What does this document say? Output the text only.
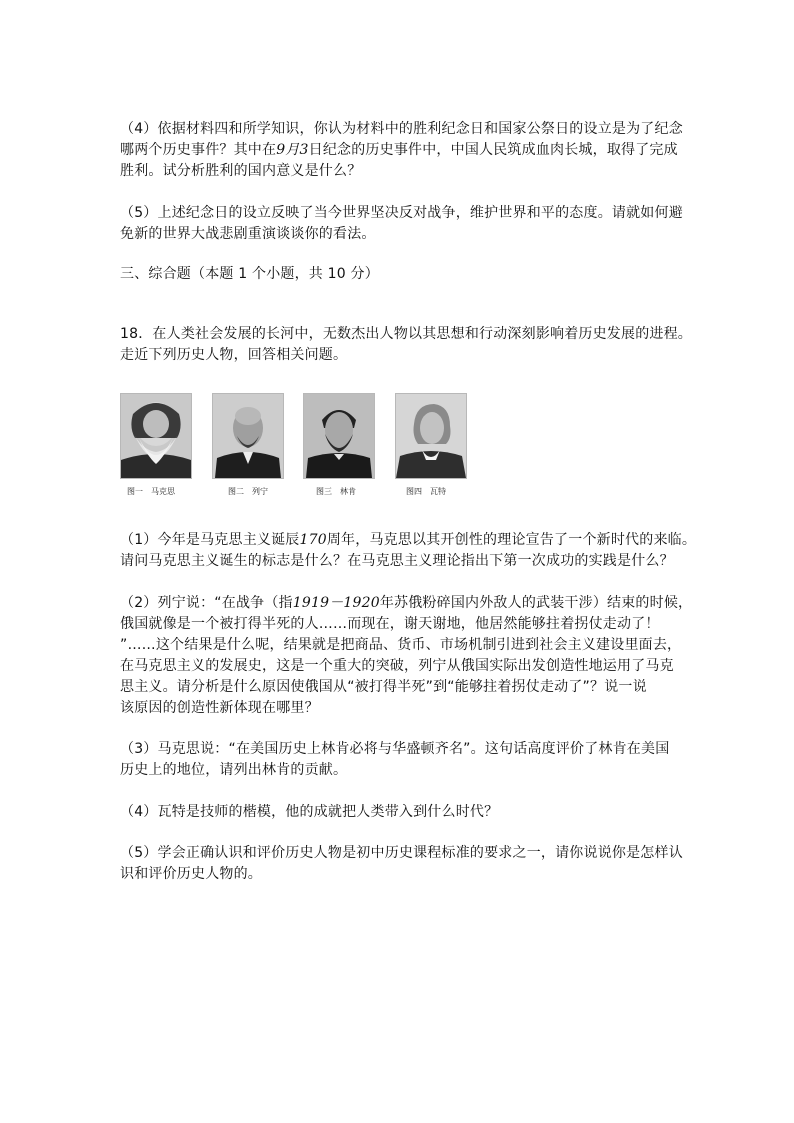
（4）依据材料四和所学知识，你认为材料中的胜利纪念日和国家公祭日的设立是为了纪念
哪两个历史事件？其中在9月3日纪念的历史事件中，中国人民筑成血肉长城，取得了完成
胜利。试分析胜利的国内意义是什么？
（5）上述纪念日的设立反映了当今世界坚决反对战争，维护世界和平的态度。请就如何避
免新的世界大战悲剧重演谈谈你的看法。
三、综合题（本题 1 个小题，共 10 分）
18．在人类社会发展的长河中，无数杰出人物以其思想和行动深刻影响着历史发展的进程。
走近下列历史人物，回答相关问题。
图一　马克思	图二　列宁	图三　林肯	图四　瓦特
（1）今年是马克思主义诞辰170周年，马克思以其开创性的理论宣告了一个新时代的来临。
请问马克思主义诞生的标志是什么？在马克思主义理论指出下第一次成功的实践是什么？
（2）列宁说：“在战争（指1919－1920年苏俄粉碎国内外敌人的武装干涉）结束的时候，
俄国就像是一个被打得半死的人……而现在，谢天谢地，他居然能够拄着拐仗走动了！
”……这个结果是什么呢，结果就是把商品、货币、市场机制引进到社会主义建设里面去，
在马克思主义的发展史，这是一个重大的突破，列宁从俄国实际出发创造性地运用了马克
思主义。请分析是什么原因使俄国从“被打得半死”到“能够拄着拐仗走动了”？说一说
该原因的创造性新体现在哪里？
（3）马克思说：“在美国历史上林肯必将与华盛顿齐名”。这句话高度评价了林肯在美国
历史上的地位，请列出林肯的贡献。
（4）瓦特是技师的楷模，他的成就把人类带入到什么时代？
（5）学会正确认识和评价历史人物是初中历史课程标准的要求之一，请你说说你是怎样认
识和评价历史人物的。
